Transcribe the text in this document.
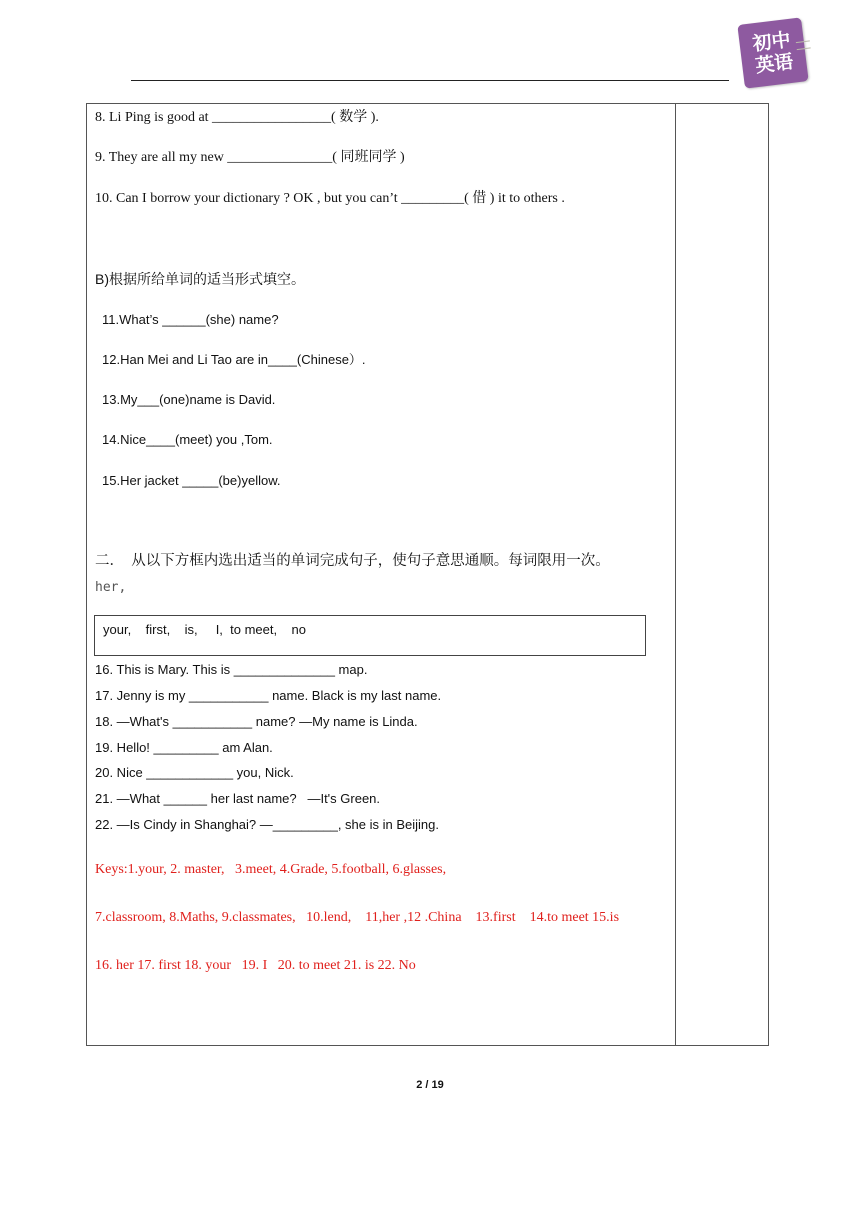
初中
英语
8. Li Ping is good at _________________( 数学 ).
9. They are all my new _______________( 同班同学 )
10. Can I borrow your dictionary ? OK , but you can’t _________( 借 ) it to others .
B)根据所给单词的适当形式填空。
11.What’s ______(she) name?
12.Han Mei and Li Tao are in____(Chinese）.
13.My___(one)name is David.
14.Nice____(meet) you ,Tom.
15.Her jacket _____(be)yellow.
二．  从以下方框内选出适当的单词完成句子，使句子意思通顺。每词限用一次。
her,
your,    first,    is,     I,  to meet,    no
16. This is Mary. This is ______________ map.
17. Jenny is my ___________ name. Black is my last name.
18. —What's ___________ name? —My name is Linda.
19. Hello! _________ am Alan.
20. Nice ____________ you, Nick.
21. —What ______ her last name?   —It's Green.
22. —Is Cindy in Shanghai? —_________, she is in Beijing.
Keys:1.your, 2. master,   3.meet, 4.Grade, 5.football, 6.glasses,
7.classroom, 8.Maths, 9.classmates,   10.lend,    11,her ,12 .China    13.first    14.to meet 15.is
16. her 17. first 18. your   19. I   20. to meet 21. is 22. No
2 / 19
